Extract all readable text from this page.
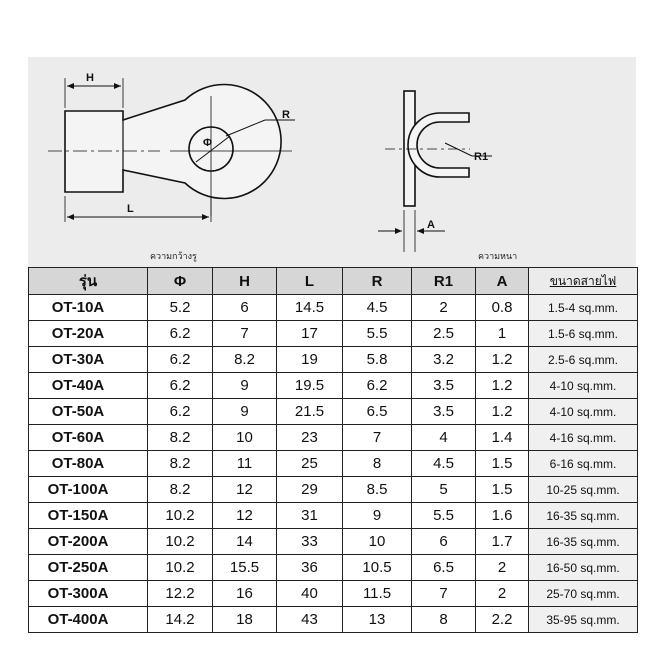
H
L
R
Φ
R1
A
ความกว้างรู	ความหนา
รุ่น	Φ	H	L	R	R1	A	ขนาดสายไฟ
OT-10A	5.2	6	14.5	4.5	2	0.8	1.5-4 sq.mm.
OT-20A	6.2	7	17	5.5	2.5	1	1.5-6 sq.mm.
OT-30A	6.2	8.2	19	5.8	3.2	1.2	2.5-6 sq.mm.
OT-40A	6.2	9	19.5	6.2	3.5	1.2	4-10 sq.mm.
OT-50A	6.2	9	21.5	6.5	3.5	1.2	4-10 sq.mm.
OT-60A	8.2	10	23	7	4	1.4	4-16 sq.mm.
OT-80A	8.2	11	25	8	4.5	1.5	6-16 sq.mm.
OT-100A	8.2	12	29	8.5	5	1.5	10-25 sq.mm.
OT-150A	10.2	12	31	9	5.5	1.6	16-35 sq.mm.
OT-200A	10.2	14	33	10	6	1.7	16-35 sq.mm.
OT-250A	10.2	15.5	36	10.5	6.5	2	16-50 sq.mm.
OT-300A	12.2	16	40	11.5	7	2	25-70 sq.mm.
OT-400A	14.2	18	43	13	8	2.2	35-95 sq.mm.
